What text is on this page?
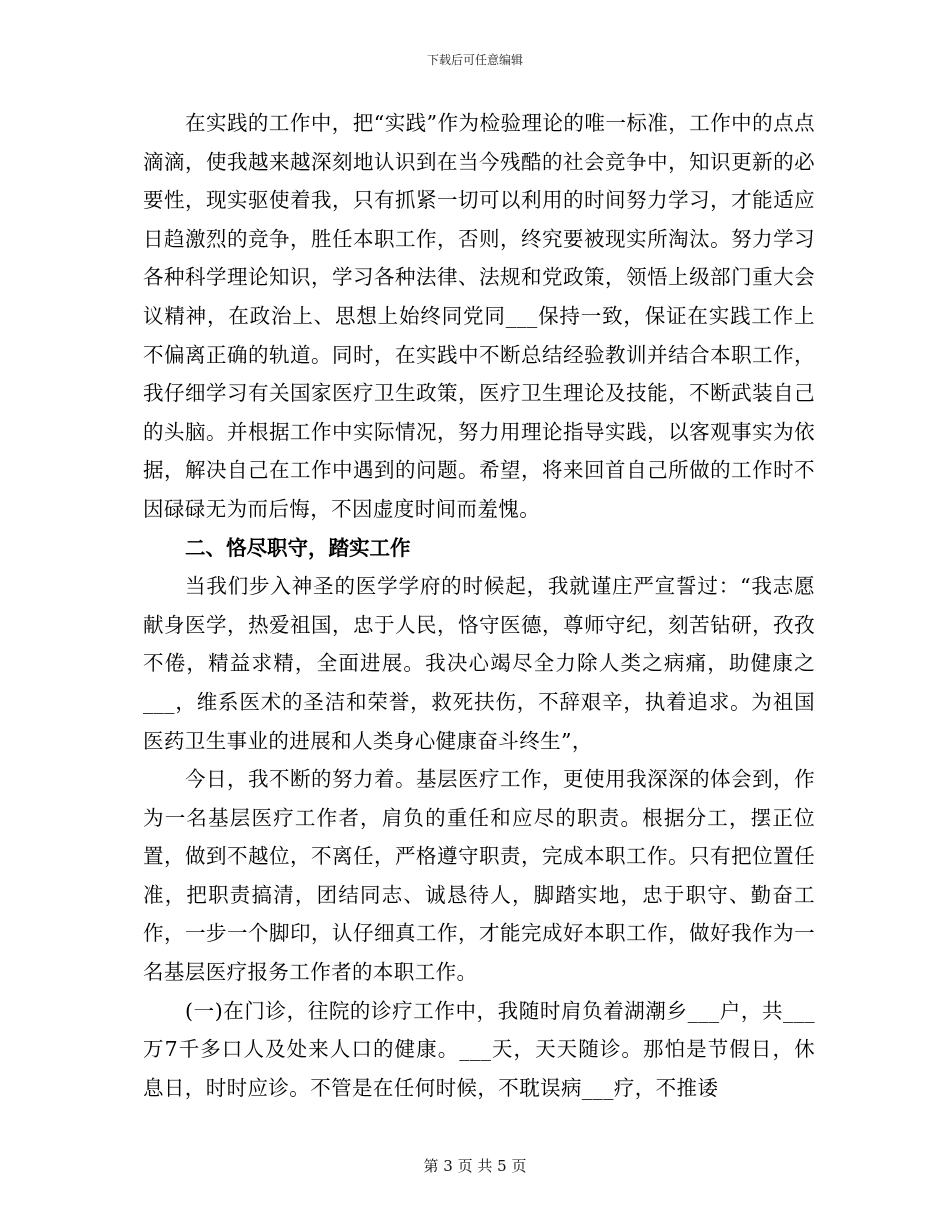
下载后可任意编辑

在实践的工作中，把“实践”作为检验理论的唯一标准，工作中的点点滴滴，使我越来越深刻地认识到在当今残酷的社会竞争中，知识更新的必要性，现实驱使着我，只有抓紧一切可以利用的时间努力学习，才能适应日趋激烈的竞争，胜任本职工作，否则，终究要被现实所淘汰。努力学习各种科学理论知识，学习各种法律、法规和党政策，领悟上级部门重大会议精神，在政治上、思想上始终同党同___保持一致，保证在实践工作上不偏离正确的轨道。同时，在实践中不断总结经验教训并结合本职工作，我仔细学习有关国家医疗卫生政策，医疗卫生理论及技能，不断武装自己的头脑。并根据工作中实际情况，努力用理论指导实践，以客观事实为依据，解决自己在工作中遇到的问题。希望，将来回首自己所做的工作时不因碌碌无为而后悔，不因虚度时间而羞愧。

二、恪尽职守，踏实工作

当我们步入神圣的医学学府的时候起，我就谨庄严宣誓过：“我志愿献身医学，热爱祖国，忠于人民，恪守医德，尊师守纪，刻苦钻研，孜孜不倦，精益求精，全面进展。我决心竭尽全力除人类之病痛，助健康之___，维系医术的圣洁和荣誉，救死扶伤，不辞艰辛，执着追求。为祖国医药卫生事业的进展和人类身心健康奋斗终生”，

今日，我不断的努力着。基层医疗工作，更使用我深深的体会到，作为一名基层医疗工作者，肩负的重任和应尽的职责。根据分工，摆正位置，做到不越位，不离任，严格遵守职责，完成本职工作。只有把位置任准，把职责搞清，团结同志、诚恳待人，脚踏实地，忠于职守、勤奋工作，一步一个脚印，认仔细真工作，才能完成好本职工作，做好我作为一名基层医疗报务工作者的本职工作。

(一)在门诊，往院的诊疗工作中，我随时肩负着湖潮乡___户，共___万7千多口人及处来人口的健康。___天，天天随诊。那怕是节假日，休息日，时时应诊。不管是在任何时候，不耽误病___疗，不推诿

第 3 页 共 5 页
